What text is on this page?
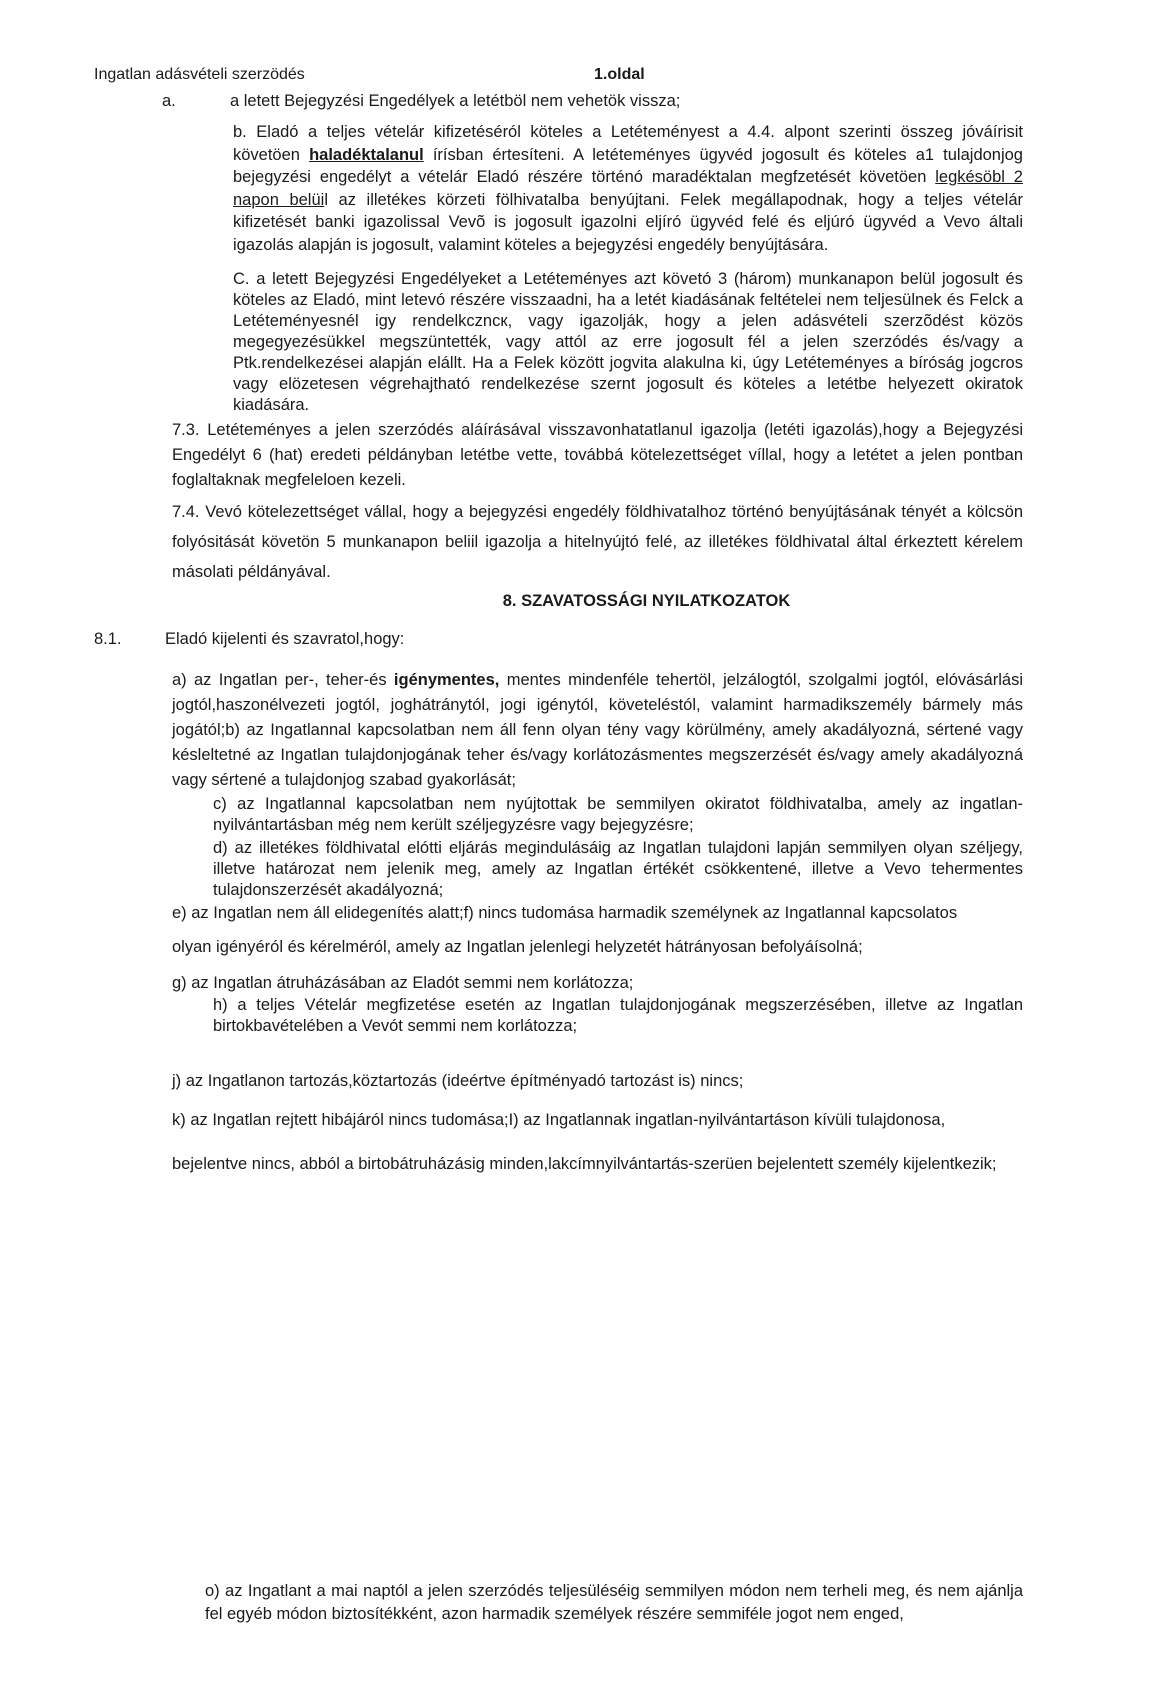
Ingatlan adásvételi szerzödés	1.oldal
a.	a letett Bejegyzési Engedélyek a letétböl nem vehetök vissza;

b. Eladó a teljes vételár kifizetéséról köteles a Letéteményest a 4.4. alpont szerinti összeg jóváírisit követöen haladéktalanul írísban értesíteni. A letéteményes ügyvéd jogosult és köteles a1 tulajdonjog bejegyzési engedélyt a vételár Eladó részére történó maradéktalan megfzetését követöen legkésöbl 2 napon belüil az illetékes körzeti fölhivatalba benyújtani. Felek megállapodnak, hogy a teljes vételár kifizetését banki igazolissal Vevõ is jogosult igazolni eljíró ügyvéd felé és eljúró ügyvéd a Vevo általi igazolás alapján is jogosult, valamint köteles a bejegyzési engedély benyújtására.

C. a letett Bejegyzési Engedélyeket a Letéteményes azt követó 3 (három) munkanapon belül jogosult és köteles az Eladó, mint letevó részére visszaadni, ha a letét kiadásának feltételei nem teljesülnek és Felck a Letéteményesnél igy rendelkczncк, vagy igazolják, hogy a jelen adásvételi szerzõdést közös megegyezésükkel megszüntették, vagy attól az erre jogosult fél a jelen szerzódés és/vagy a Ptk.rendelkezései alapján elállt. Ha a Felek között jogvita alakulna ki, úgy Letéteményes a bíróság jogcros vagy elözetesen végrehajtható rendelkezése szernt jogosult és köteles a letétbe helyezett okiratok kiadására.

7.3. Letéteményes a jelen szerzódés aláírásával visszavonhatatlanul igazolja (letéti igazolás),hogy a Bejegyzési Engedélyt 6 (hat) eredeti példányban letétbe vette, továbbá kötelezettséget víllal, hogy a letétet a jelen pontban foglaltaknak megfeleloen kezeli.

7.4. Vevó kötelezettséget vállal, hogy a bejegyzési engedély földhivatalhoz történó benyújtásának tényét a kölcsön folyósitását követön 5 munkanapon beliil igazolja a hitelnyújtó felé, az illetékes földhivatal által érkeztett kérelem másolati példányával.

8. SZAVATOSSÁGI NYILATKOZATOK
8.1.	Eladó kijelenti és szavratol,hogy:

a) az Ingatlan per-, teher-és igénymentes, mentes mindenféle tehertöl, jelzálogtól, szolgalmi jogtól, elóvásárlási jogtól,haszonélvezeti jogtól, joghátránytól, jogi igénytól, követeléstól, valamint harmadikszemély bármely más jogától;b) az Ingatlannal kapcsolatban nem áll fenn olyan tény vagy körülmény, amely akadályozná, sértené vagy késleltetné az Ingatlan tulajdonjogának teher és/vagy korlátozásmentes megszerzését és/vagy amely akadályozná vagy sértené a tulajdonjog szabad gyakorlását;

c) az Ingatlannal kapcsolatban nem nyújtottak be semmilyen okiratot földhivatalba, amely az ingatlan-nyilvántartásban még nem került széljegyzésre vagy bejegyzésre;

d) az illetékes földhivatal elótti eljárás megindulásáig az Ingatlan tulajdoni lapján semmilyen olyan széljegy, illetve határozat nem jelenik meg, amely az Ingatlan értékét csökkentené, illetve a Vevo tehermentes tulajdonszerzését akadályozná;

e) az Ingatlan nem áll elidegenítés alatt;f) nincs tudomása harmadik személynek az Ingatlannal kapcsolatos

olyan igényéról és kérelméról, amely az Ingatlan jelenlegi helyzetét hátrányosan befolyáísolná;

g) az Ingatlan átruházásában az Eladót semmi nem korlátozza;

h) a teljes Vételár megfizetése esetén az Ingatlan tulajdonjogának megszerzésében, illetve az Ingatlan birtokbavételében a Vevót semmi nem korlátozza;

j) az Ingatlanon tartozás,köztartozás (ideértve építményadó tartozást is) nincs;

k) az Ingatlan rejtett hibájáról nincs tudomása;I) az Ingatlannak ingatlan-nyilvántartáson kívüli tulajdonosa,

bejelentve nincs, abból a birtobátruházásig minden,lakcímnyilvántartás-szerüen bejelentett személy kijelentkezik;

o) az Ingatlant a mai naptól a jelen szerzódés teljesüléséig semmilyen módon nem terheli meg, és nem ajánlja fel egyéb módon biztosítékként, azon harmadik személyek részére semmiféle jogot nem enged,
